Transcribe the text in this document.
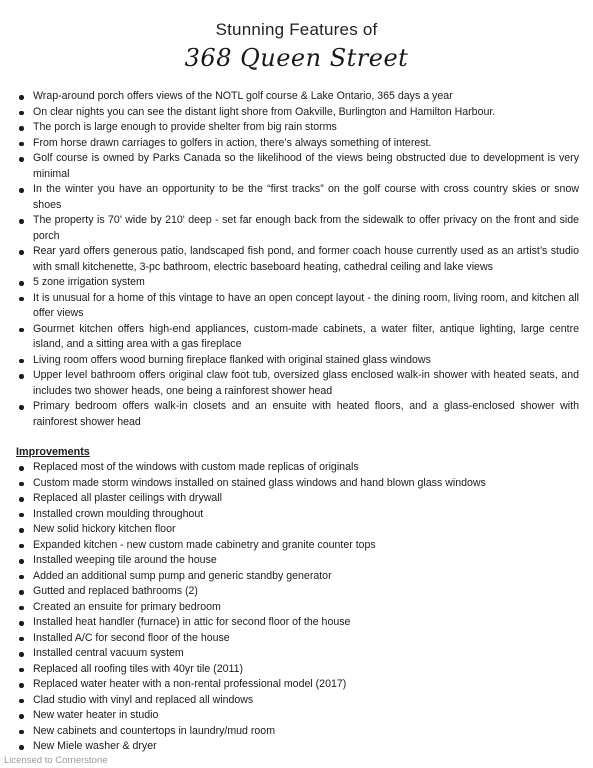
Stunning Features of
368 Queen Street
Wrap-around porch offers views of the NOTL golf course & Lake Ontario, 365 days a year
On clear nights you can see the distant light shore from Oakville, Burlington and Hamilton Harbour.
The porch is large enough to provide shelter from big rain storms
From horse drawn carriages to golfers in action, there’s always something of interest.
Golf course is owned by Parks Canada so the likelihood of the views being obstructed due to development is very minimal
In the winter you have an opportunity to be the “first tracks” on the golf course with cross country skies or snow shoes
The property is 70' wide by 210' deep - set far enough back from the sidewalk to offer privacy on the front and side porch
Rear yard offers generous patio, landscaped fish pond, and former coach house currently used as an artist’s studio with small kitchenette, 3-pc bathroom, electric baseboard heating, cathedral ceiling and lake views
5 zone irrigation system
It is unusual for a home of this vintage to have an open concept layout - the dining room, living room, and kitchen all offer views
Gourmet kitchen offers high-end appliances, custom-made cabinets, a water filter, antique lighting, large centre island, and a sitting area with a gas fireplace
Living room offers wood burning fireplace flanked with original stained glass windows
Upper level bathroom offers original claw foot tub, oversized glass enclosed walk-in shower with heated seats, and includes two shower heads, one being a rainforest shower head
Primary bedroom offers walk-in closets and an ensuite with heated floors, and a glass-enclosed shower with rainforest shower head
Improvements
Replaced most of the windows with custom made replicas of originals
Custom made storm windows installed on stained glass windows and hand blown glass windows
Replaced all plaster ceilings with drywall
Installed crown moulding throughout
New solid hickory kitchen floor
Expanded kitchen - new custom made cabinetry and granite counter tops
Installed weeping tile around the house
Added an additional sump pump and generic standby generator
Gutted and replaced bathrooms (2)
Created an ensuite for primary bedroom
Installed heat handler (furnace) in attic for second floor of the house
Installed A/C for second floor of the house
Installed central vacuum system
Replaced all roofing tiles with 40yr tile (2011)
Replaced water heater with a non-rental professional model (2017)
Clad studio with vinyl and replaced all windows
New water heater in studio
New cabinets and countertops in laundry/mud room
New Miele washer & dryer
Licensed to Cornerstone
